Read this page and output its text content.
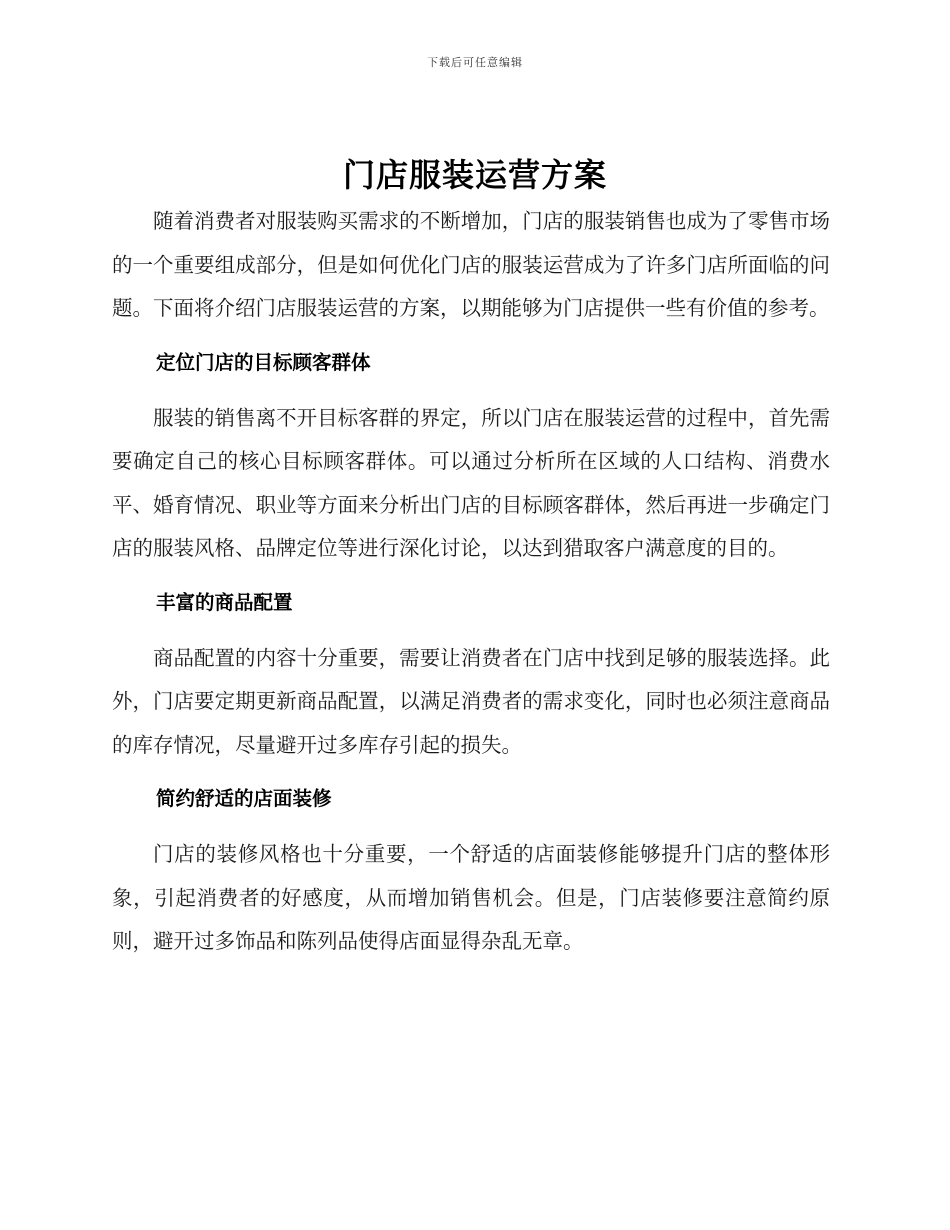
下载后可任意编辑
门店服装运营方案

随着消费者对服装购买需求的不断增加，门店的服装销售也成为了零售市场的一个重要组成部分，但是如何优化门店的服装运营成为了许多门店所面临的问题。下面将介绍门店服装运营的方案，以期能够为门店提供一些有价值的参考。

定位门店的目标顾客群体

服装的销售离不开目标客群的界定，所以门店在服装运营的过程中，首先需要确定自己的核心目标顾客群体。可以通过分析所在区域的人口结构、消费水平、婚育情况、职业等方面来分析出门店的目标顾客群体，然后再进一步确定门店的服装风格、品牌定位等进行深化讨论，以达到猎取客户满意度的目的。

丰富的商品配置

商品配置的内容十分重要，需要让消费者在门店中找到足够的服装选择。此外，门店要定期更新商品配置，以满足消费者的需求变化，同时也必须注意商品的库存情况，尽量避开过多库存引起的损失。

简约舒适的店面装修

门店的装修风格也十分重要，一个舒适的店面装修能够提升门店的整体形象，引起消费者的好感度，从而增加销售机会。但是，门店装修要注意简约原则，避开过多饰品和陈列品使得店面显得杂乱无章。
